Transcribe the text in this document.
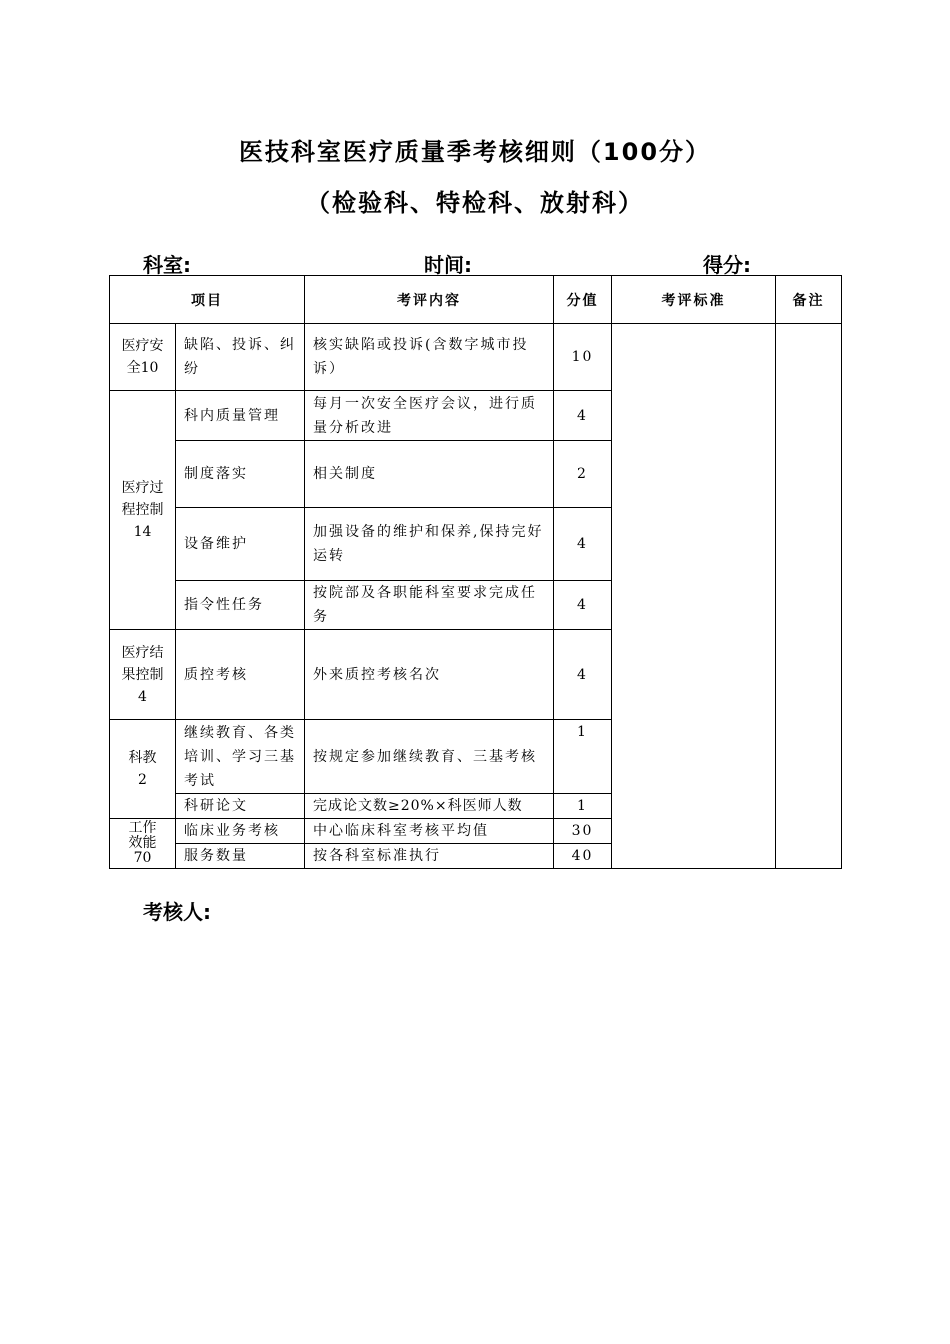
医技科室医疗质量季考核细则（100分）
（检验科、特检科、放射科）
科室:	时间:	得分:
项目		考评内容	分值	考评标准	备注
医疗安全10	缺陷、投诉、纠纷	核实缺陷或投诉(含数字城市投诉）	10		
医疗过程控制14	科内质量管理	每月一次安全医疗会议，进行质量分析改进	4		
	制度落实	相关制度	2		
	设备维护	加强设备的维护和保养,保持完好运转	4		
	指令性任务	按院部及各职能科室要求完成任务	4		
医疗结果控制4	质控考核	外来质控考核名次	4		
科教2	继续教育、各类培训、学习三基考试	按规定参加继续教育、三基考核	1		
	科研论文	完成论文数≥20%×科医师人数	1		
工作效能70	临床业务考核	中心临床科室考核平均值	30		
	服务数量	按各科室标准执行	40		
考核人:
